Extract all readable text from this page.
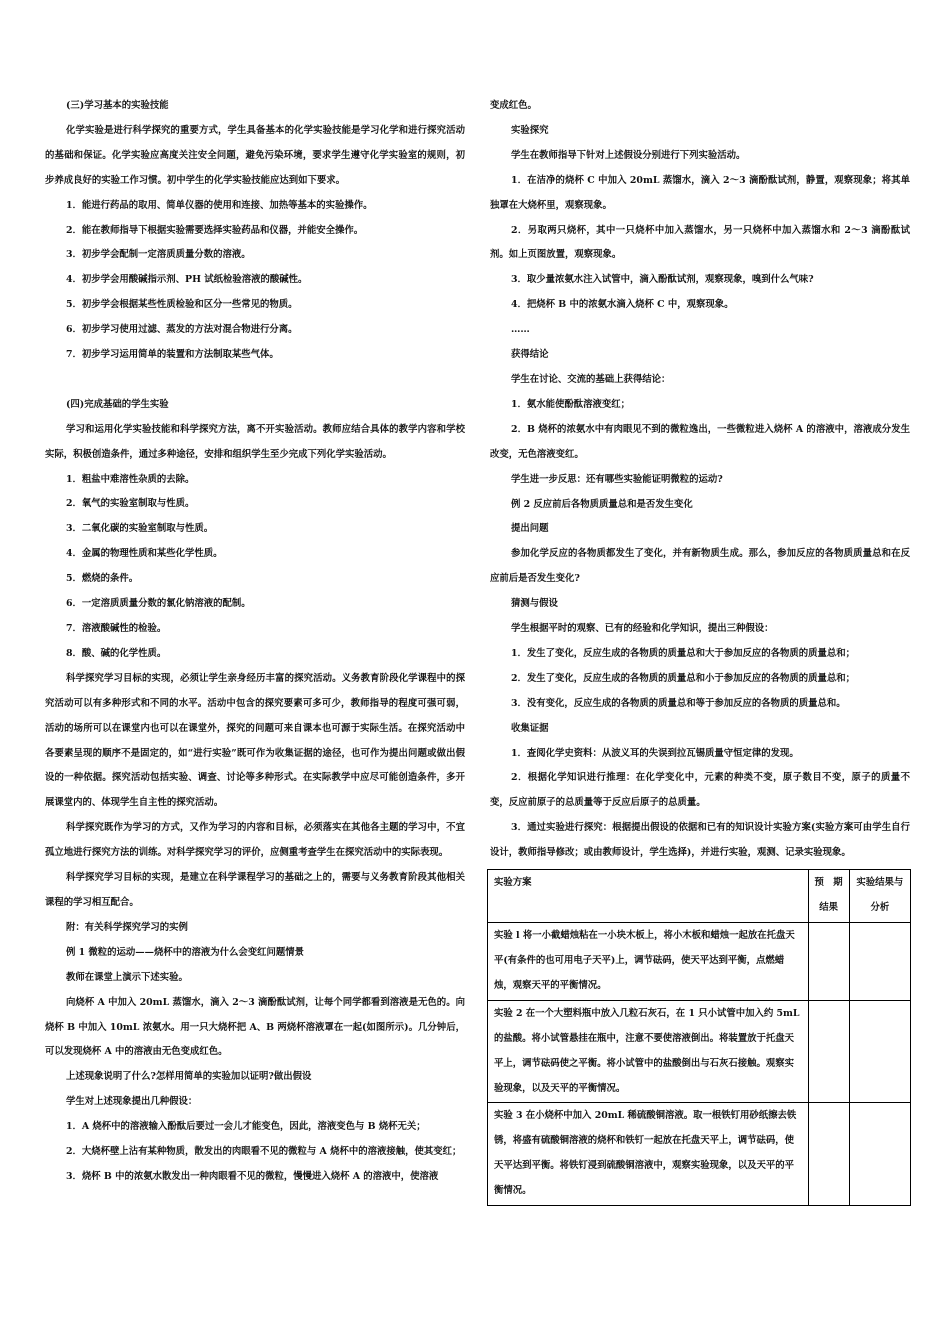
(三)学习基本的实验技能

化学实验是进行科学探究的重要方式，学生具备基本的化学实验技能是学习化学和进行探究活动的基础和保证。化学实验应高度关注安全问题，避免污染环境，要求学生遵守化学实验室的规则，初步养成良好的实验工作习惯。初中学生的化学实验技能应达到如下要求。

1．能进行药品的取用、简单仪器的使用和连接、加热等基本的实验操作。

2．能在教师指导下根据实验需要选择实验药品和仪器，并能安全操作。

3．初步学会配制一定溶质质量分数的溶液。

4．初步学会用酸碱指示剂、PH 试纸检验溶液的酸碱性。

5．初步学会根据某些性质检验和区分一些常见的物质。

6．初步学习使用过滤、蒸发的方法对混合物进行分离。

7．初步学习运用简单的装置和方法制取某些气体。

(四)完成基础的学生实验

学习和运用化学实验技能和科学探究方法，离不开实验活动。教师应结合具体的教学内容和学校实际，积极创造条件，通过多种途径，安排和组织学生至少完成下列化学实验活动。

1．粗盐中难溶性杂质的去除。

2．氧气的实验室制取与性质。

3．二氧化碳的实验室制取与性质。

4．金属的物理性质和某些化学性质。

5．燃烧的条件。

6．一定溶质质量分数的氯化钠溶液的配制。

7．溶液酸碱性的检验。

8．酸、碱的化学性质。

科学探究学习目标的实现，必须让学生亲身经历丰富的探究活动。义务教育阶段化学课程中的探究活动可以有多种形式和不同的水平。活动中包含的探究要素可多可少，教师指导的程度可强可弱，活动的场所可以在课堂内也可以在课堂外，探究的问题可来自课本也可源于实际生活。在探究活动中各要素呈现的顺序不是固定的，如“进行实验”既可作为收集证据的途径，也可作为提出问题或做出假设的一种依据。探究活动包括实验、调查、讨论等多种形式。在实际教学中应尽可能创造条件，多开展课堂内的、体现学生自主性的探究活动。

科学探究既作为学习的方式，又作为学习的内容和目标，必须落实在其他各主题的学习中，不宜孤立地进行探究方法的训练。对科学探究学习的评价，应侧重考查学生在探究活动中的实际表现。

科学探究学习目标的实现，是建立在科学课程学习的基础之上的，需要与义务教育阶段其他相关课程的学习相互配合。

附：有关科学探究学习的实例

例 1 微粒的运动——烧杯中的溶液为什么会变红问题情景

教师在课堂上演示下述实验。

向烧杯 A 中加入 20mL 蒸馏水，滴入 2～3 滴酚酞试剂，让每个同学都看到溶液是无色的。向烧杯 B 中加入 10mL 浓氨水。用一只大烧杯把 A、B 两烧杯溶液罩在一起(如图所示)。几分钟后，可以发现烧杯 A 中的溶液由无色变成红色。

上述现象说明了什么?怎样用简单的实验加以证明?做出假设

学生对上述现象提出几种假设：

1．A 烧杯中的溶液输入酚酞后要过一会儿才能变色，因此，溶液变色与 B 烧杯无关；

2．大烧杯壁上沾有某种物质，散发出的肉眼看不见的微粒与 A 烧杯中的溶液接触，使其变红；

3．烧杯 B 中的浓氨水散发出一种肉眼看不见的微粒，慢慢进入烧杯 A 的溶液中，使溶液

变成红色。

实验探究

学生在教师指导下针对上述假设分别进行下列实验活动。

1．在洁净的烧杯 C 中加入 20mL 蒸馏水，滴入 2～3 滴酚酞试剂，静置，观察现象；将其单独罩在大烧杯里，观察现象。

2．另取两只烧杯，其中一只烧杯中加入蒸馏水，另一只烧杯中加入蒸馏水和 2～3 滴酚酞试剂。如上页图放置，观察现象。

3．取少量浓氨水注入试管中，滴入酚酞试剂，观察现象，嗅到什么气味?

4．把烧杯 B 中的浓氨水滴入烧杯 C 中，观察现象。

……

获得结论

学生在讨论、交流的基础上获得结论：

1．氨水能使酚酞溶液变红；

2．B 烧杯的浓氨水中有肉眼见不到的微粒逸出，一些微粒进入烧杯 A 的溶液中，溶液成分发生改变，无色溶液变红。

学生进一步反思：还有哪些实验能证明微粒的运动?

例 2 反应前后各物质质量总和是否发生变化

提出问题

参加化学反应的各物质都发生了变化，并有新物质生成。那么，参加反应的各物质质量总和在反应前后是否发生变化?

猜测与假设

学生根据平时的观察、已有的经验和化学知识，提出三种假设：

1．发生了变化，反应生成的各物质的质量总和大于参加反应的各物质的质量总和；

2．发生了变化，反应生成的各物质的质量总和小于参加反应的各物质的质量总和；

3．没有变化，反应生成的各物质的质量总和等于参加反应的各物质的质量总和。

收集证据

1．查阅化学史资料：从波义耳的失误到拉瓦锡质量守恒定律的发现。

2．根据化学知识进行推理：在化学变化中，元素的种类不变，原子数目不变，原子的质量不变，反应前原子的总质量等于反应后原子的总质量。

3．通过实验进行探究：根据提出假设的依据和已有的知识设计实验方案(实验方案可由学生自行设计，教师指导修改；或由教师设计，学生选择)，并进行实验，观测、记录实验现象。

实验方案	预　期结果	实验结果与分析
实验 l 将一小截蜡烛粘在一小块木板上，将小木板和蜡烛一起放在托盘天平(有条件的也可用电子天平)上，调节砝码，使天平达到平衡，点燃蜡烛，观察天平的平衡情况。		
实验 2 在一个大塑料瓶中放入几粒石灰石，在 1 只小试管中加入约 5mL 的盐酸。将小试管悬挂在瓶中，注意不要使溶液倒出。将装置放于托盘天平上，调节砝码使之平衡。将小试管中的盐酸倒出与石灰石接触。观察实验现象，以及天平的平衡情况。		
实验 3 在小烧杯中加入 20mL 稀硫酸铜溶液。取一根铁钉用砂纸擦去铁锈，将盛有硫酸铜溶液的烧杯和铁钉一起放在托盘天平上，调节砝码，使天平达到平衡。将铁钉浸到硫酸铜溶液中，观察实验现象，以及天平的平衡情况。		
